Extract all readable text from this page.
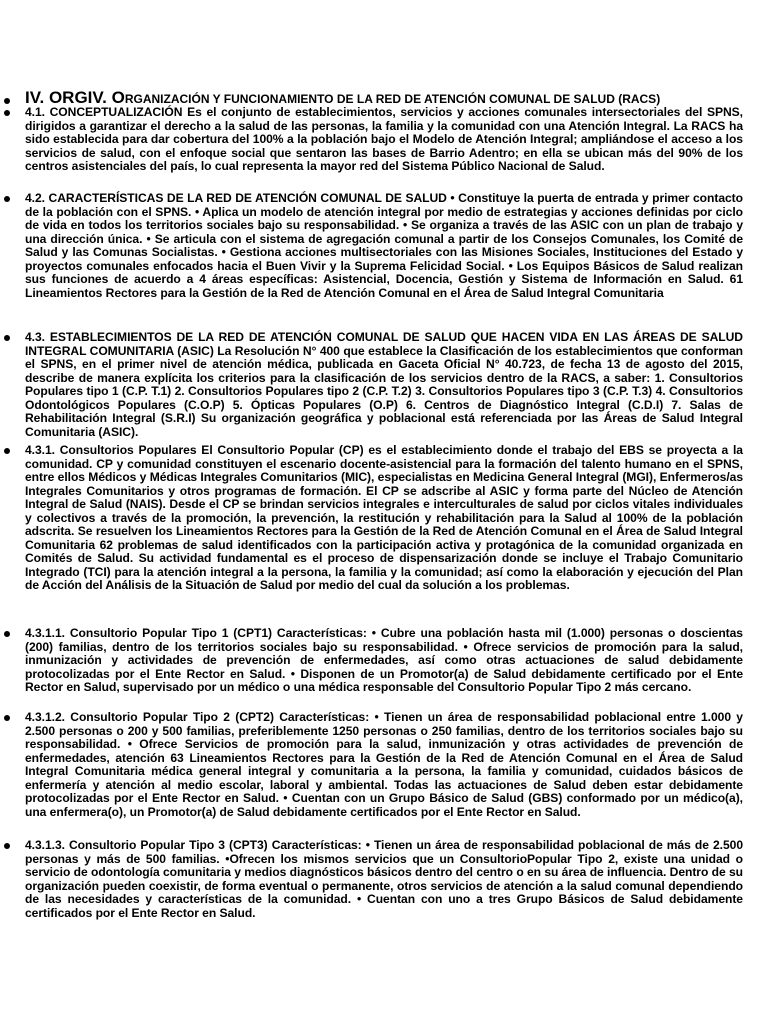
IV. ORGIV. ORGANIZACIÓN Y FUNCIONAMIENTO DE LA RED DE ATENCIÓN COMUNAL DE SALUD (RACS)

4.1. CONCEPTUALIZACIÓN Es el conjunto de establecimientos, servicios y acciones comunales intersectoriales del SPNS, dirigidos a garantizar el derecho a la salud de las personas, la familia y la comunidad con una Atención Integral. La RACS ha sido establecida para dar cobertura del 100% a la población bajo el Modelo de Atención Integral; ampliándose el acceso a los servicios de salud, con el enfoque social que sentaron las bases de Barrio Adentro; en ella se ubican más del 90% de los centros asistenciales del país, lo cual representa la mayor red del Sistema Público Nacional de Salud.

4.2. CARACTERÍSTICAS DE LA RED DE ATENCIÓN COMUNAL DE SALUD • Constituye la puerta de entrada y primer contacto de la población con el SPNS. • Aplica un modelo de atención integral por medio de estrategias y acciones definidas por ciclo de vida en todos los territorios sociales bajo su responsabilidad. • Se organiza a través de las ASIC con un plan de trabajo y una dirección única. • Se articula con el sistema de agregación comunal a partir de los Consejos Comunales, los Comité de Salud y las Comunas Socialistas. • Gestiona acciones multisectoriales con las Misiones Sociales, Instituciones del Estado y proyectos comunales enfocados hacia el Buen Vivir y la Suprema Felicidad Social. • Los Equipos Básicos de Salud realizan sus funciones de acuerdo a 4 áreas específicas: Asistencial, Docencia, Gestión y Sistema de Información en Salud. 61 Lineamientos Rectores para la Gestión de la Red de Atención Comunal en el Área de Salud Integral Comunitaria

4.3. ESTABLECIMIENTOS DE LA RED DE ATENCIÓN COMUNAL DE SALUD QUE HACEN VIDA EN LAS ÁREAS DE SALUD INTEGRAL COMUNITARIA (ASIC) La Resolución N° 400 que establece la Clasificación de los establecimientos que conforman el SPNS, en el primer nivel de atención médica, publicada en Gaceta Oficial N° 40.723, de fecha 13 de agosto del 2015, describe de manera explícita los criterios para la clasificación de los servicios dentro de la RACS, a saber: 1. Consultorios Populares tipo 1 (C.P. T.1) 2. Consultorios Populares tipo 2 (C.P. T.2) 3. Consultorios Populares tipo 3 (C.P. T.3) 4. Consultorios Odontológicos Populares (C.O.P) 5. Ópticas Populares (O.P) 6. Centros de Diagnóstico Integral (C.D.I) 7. Salas de Rehabilitación Integral (S.R.I) Su organización geográfica y poblacional está referenciada por las Áreas de Salud Integral Comunitaria (ASIC).

4.3.1. Consultorios Populares El Consultorio Popular (CP) es el establecimiento donde el trabajo del EBS se proyecta a la comunidad. CP y comunidad constituyen el escenario docente-asistencial para la formación del talento humano en el SPNS, entre ellos Médicos y Médicas Integrales Comunitarios (MIC), especialistas en Medicina General Integral (MGI), Enfermeros/as Integrales Comunitarios y otros programas de formación. El CP se adscribe al ASIC y forma parte del Núcleo de Atención Integral de Salud (NAIS). Desde el CP se brindan servicios integrales e interculturales de salud por ciclos vitales individuales y colectivos a través de la promoción, la prevención, la restitución y rehabilitación para la Salud al 100% de la población adscrita. Se resuelven los Lineamientos Rectores para la Gestión de la Red de Atención Comunal en el Área de Salud Integral Comunitaria 62 problemas de salud identificados con la participación activa y protagónica de la comunidad organizada en Comités de Salud. Su actividad fundamental es el proceso de dispensarización donde se incluye el Trabajo Comunitario Integrado (TCI) para la atención integral a la persona, la familia y la comunidad; así como la elaboración y ejecución del Plan de Acción del Análisis de la Situación de Salud por medio del cual da solución a los problemas.

4.3.1.1. Consultorio Popular Tipo 1 (CPT1) Características: • Cubre una población hasta mil (1.000) personas o doscientas (200) familias, dentro de los territorios sociales bajo su responsabilidad. • Ofrece servicios de promoción para la salud, inmunización y actividades de prevención de enfermedades, así como otras actuaciones de salud debidamente protocolizadas por el Ente Rector en Salud. • Disponen de un Promotor(a) de Salud debidamente certificado por el Ente Rector en Salud, supervisado por un médico o una médica responsable del Consultorio Popular Tipo 2 más cercano.

4.3.1.2. Consultorio Popular Tipo 2 (CPT2) Características: • Tienen un área de responsabilidad poblacional entre 1.000 y 2.500 personas o 200 y 500 familias, preferiblemente 1250 personas o 250 familias, dentro de los territorios sociales bajo su responsabilidad. • Ofrece Servicios de promoción para la salud, inmunización y otras actividades de prevención de enfermedades, atención 63 Lineamientos Rectores para la Gestión de la Red de Atención Comunal en el Área de Salud Integral Comunitaria médica general integral y comunitaria a la persona, la familia y comunidad, cuidados básicos de enfermería y atención al medio escolar, laboral y ambiental. Todas las actuaciones de Salud deben estar debidamente protocolizadas por el Ente Rector en Salud. • Cuentan con un Grupo Básico de Salud (GBS) conformado por un médico(a), una enfermera(o), un Promotor(a) de Salud debidamente certificados por el Ente Rector en Salud.

4.3.1.3. Consultorio Popular Tipo 3 (CPT3) Características: • Tienen un área de responsabilidad poblacional de más de 2.500 personas y más de 500 familias. •Ofrecen los mismos servicios que un ConsultorioPopular Tipo 2, existe una unidad o servicio de odontología comunitaria y medios diagnósticos básicos dentro del centro o en su área de influencia. Dentro de su organización pueden coexistir, de forma eventual o permanente, otros servicios de atención a la salud comunal dependiendo de las necesidades y características de la comunidad. • Cuentan con uno a tres Grupo Básicos de Salud debidamente certificados por el Ente Rector en Salud.
